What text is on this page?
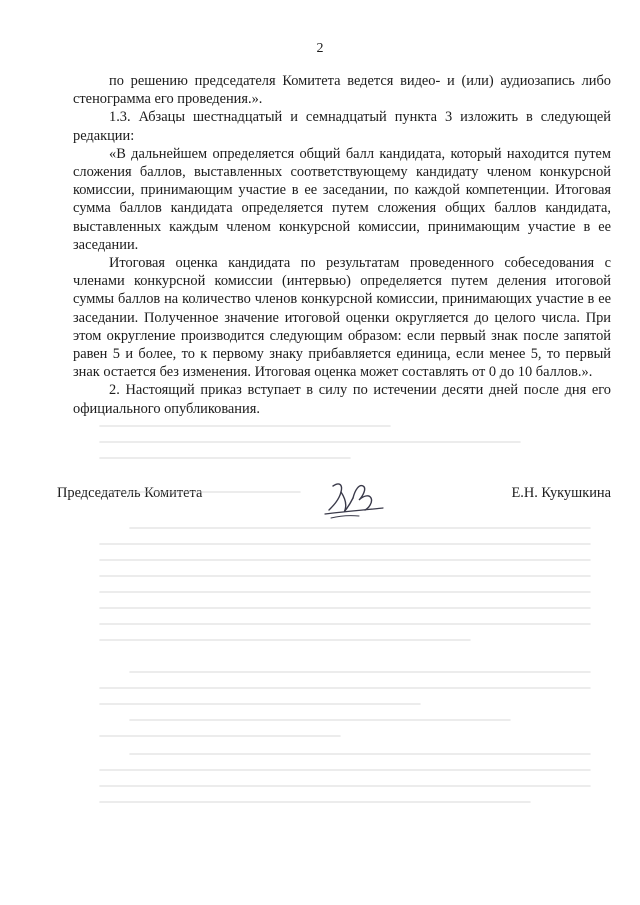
2

по решению председателя Комитета ведется видео- и (или) аудиозапись либо стенограмма его проведения.».

1.3. Абзацы шестнадцатый и семнадцатый пункта 3 изложить в следующей редакции:

«В дальнейшем определяется общий балл кандидата, который находится путем сложения баллов, выставленных соответствующему кандидату членом конкурсной комиссии, принимающим участие в ее заседании, по каждой компетенции. Итоговая сумма баллов кандидата определяется путем сложения общих баллов кандидата, выставленных каждым членом конкурсной комиссии, принимающим участие в ее заседании.

Итоговая оценка кандидата по результатам проведенного собеседования с членами конкурсной комиссии (интервью) определяется путем деления итоговой суммы баллов на количество членов конкурсной комиссии, принимающих участие в ее заседании. Полученное значение итоговой оценки округляется до целого числа. При этом округление производится следующим образом: если первый знак после запятой равен 5 и более, то к первому знаку прибавляется единица, если менее 5, то первый знак остается без изменения. Итоговая оценка может составлять от 0 до 10 баллов.».

2. Настоящий приказ вступает в силу по истечении десяти дней после дня его официального опубликования.

Председатель Комитета	Е.Н. Кукушкина
